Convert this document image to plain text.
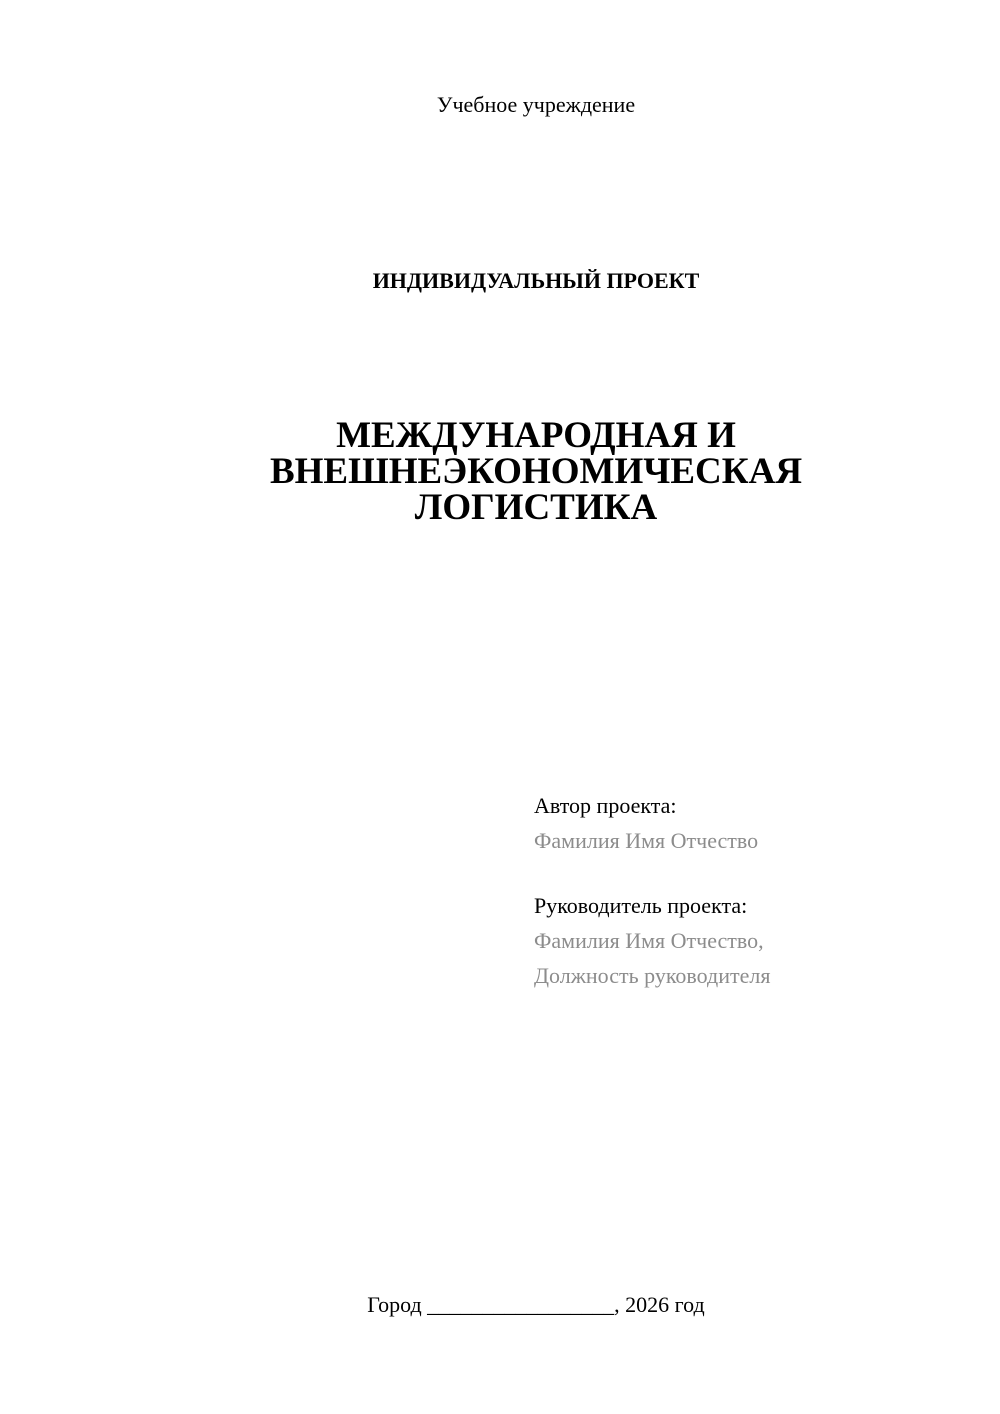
Учебное учреждение
ИНДИВИДУАЛЬНЫЙ ПРОЕКТ
МЕЖДУНАРОДНАЯ И
ВНЕШНЕЭКОНОМИЧЕСКАЯ
ЛОГИСТИКА
Автор проекта:
Фамилия Имя Отчество
Руководитель проекта:
Фамилия Имя Отчество,
Должность руководителя
Город _________________, 2026 год
